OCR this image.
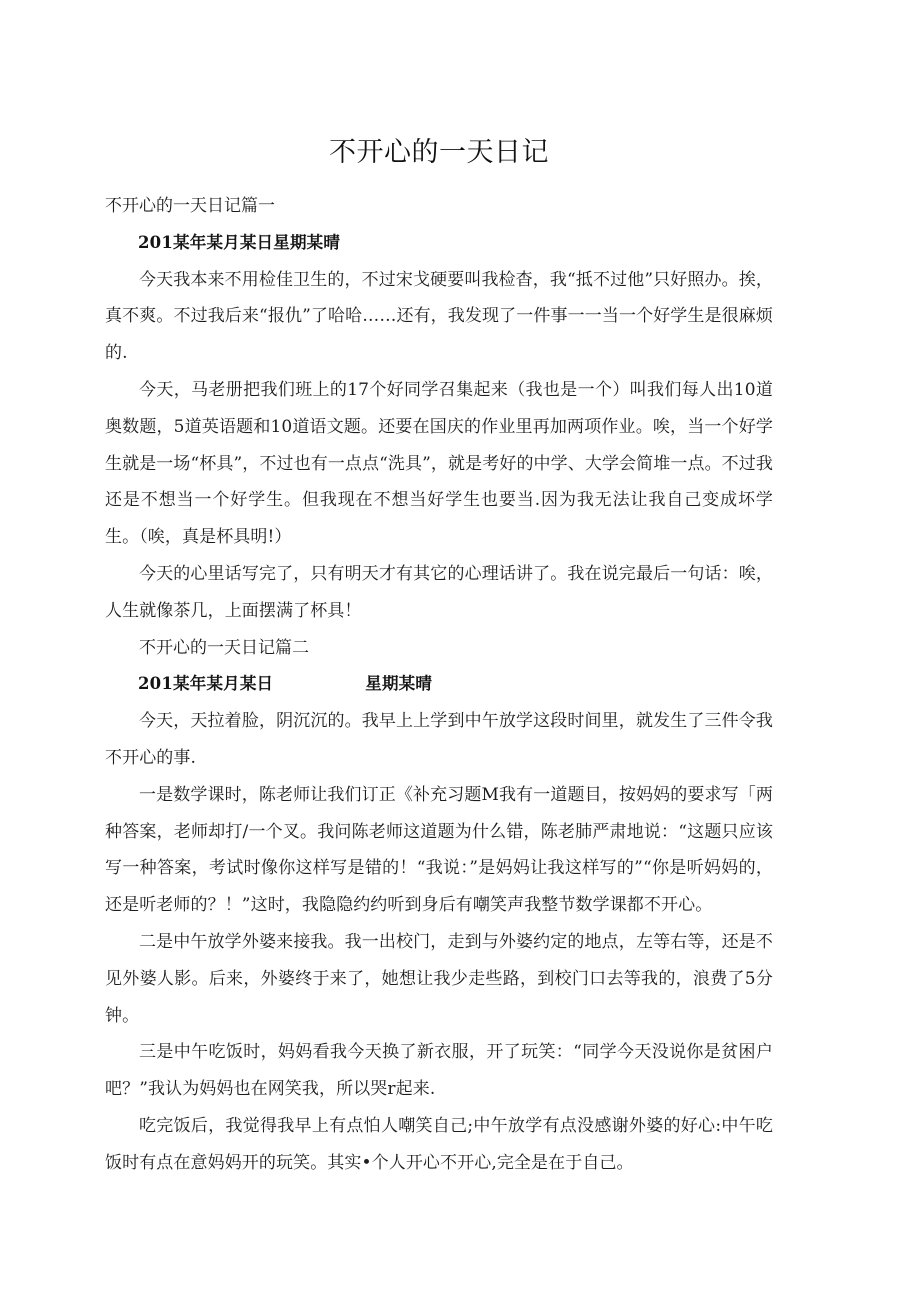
不开心的一天日记

不开心的一天日记篇一

201某年某月某日星期某晴

今天我本来不用检佳卫生的，不过宋戈硬要叫我检杳，我“抵不过他”只好照办。挨，真不爽。不过我后来“报仇”了哈哈……还有，我发现了一件事一一当一个好学生是很麻烦的.

今天，马老册把我们班上的17个好同学召集起来（我也是一个）叫我们每人出10道奥数题，5道英语题和10道语文题。还要在国庆的作业里再加两项作业。唉，当一个好学生就是一场“杯具”，不过也有一点点“洗具”，就是考好的中学、大学会简堆一点。不过我还是不想当一个好学生。但我现在不想当好学生也要当.因为我无法让我自己变成坏学生。（唉，真是杯具明!）

今天的心里话写完了，只有明天才有其它的心理话讲了。我在说完最后一句话：唉，人生就像茶几，上面摆满了杯具！

不开心的一天日记篇二

201某年某月某日	星期某晴

今天，天拉着脸，阴沉沉的。我早上上学到中午放学这段时间里，就发生了三件令我不开心的事.

一是数学课时，陈老师让我们订正《补充习题M我有一道题目，按妈妈的要求写「两种答案，老师却打/一个叉。我问陈老师这道题为什么错，陈老肺严肃地说：“这题只应该写一种答案，考试时像你这样写是错的！“我说：”是妈妈让我这样写的”“你是听妈妈的，还是听老师的？！”这时，我隐隐约约听到身后有嘲笑声我整节数学课都不开心。

二是中午放学外婆来接我。我一出校门，走到与外婆约定的地点，左等右等，还是不见外婆人影。后来，外婆终于来了，她想让我少走些路，到校门口去等我的，浪费了5分钟。

三是中午吃饭时，妈妈看我今天换了新衣服，开了玩笑：“同学今天没说你是贫困户吧？”我认为妈妈也在网笑我，所以哭r起来.

吃完饭后，我觉得我早上有点怕人嘲笑自己;中午放学有点没感谢外婆的好心:中午吃饭时有点在意妈妈开的玩笑。其实•个人开心不开心,完全是在于自己。
